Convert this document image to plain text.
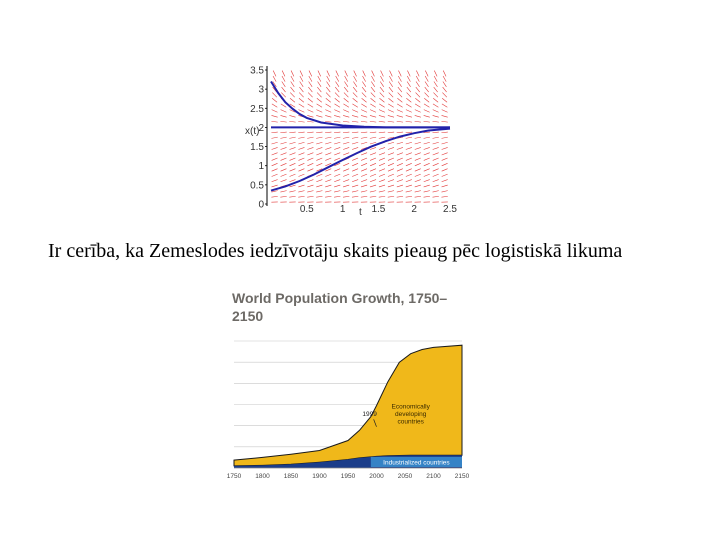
0
0.5
1
1.5
2
2.5
3
3.5
0.5	1	1.5	2	2.5
x(t)
t

Ir cerība, ka Zemeslodes iedzīvotāju skaits pieaug pēc logistiskā likuma

World Population Growth, 1750–2150
Industrialized countries
Economically
developing
countries
1999
1750 1800 1850 1900 1950 2000 2050 2100 2150
